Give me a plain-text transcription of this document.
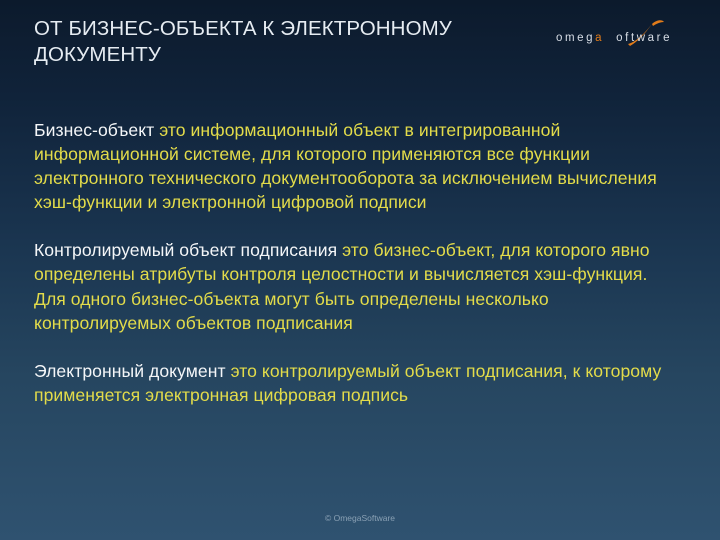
ОТ БИЗНЕС-ОБЪЕКТА К ЭЛЕКТРОННОМУ
ДОКУМЕНТУ
omega oftware

Бизнес-объект это информационный объект в интегрированной информационной системе, для которого применяются все функции электронного технического документооборота за исключением вычисления хэш-функции и электронной цифровой подписи

Контролируемый объект подписания это бизнес-объект, для которого явно определены атрибуты контроля целостности и вычисляется хэш-функция. Для одного бизнес-объекта могут быть определены несколько контролируемых объектов подписания

Электронный документ это контролируемый объект подписания, к которому применяется электронная цифровая подпись

© OmegaSoftware
